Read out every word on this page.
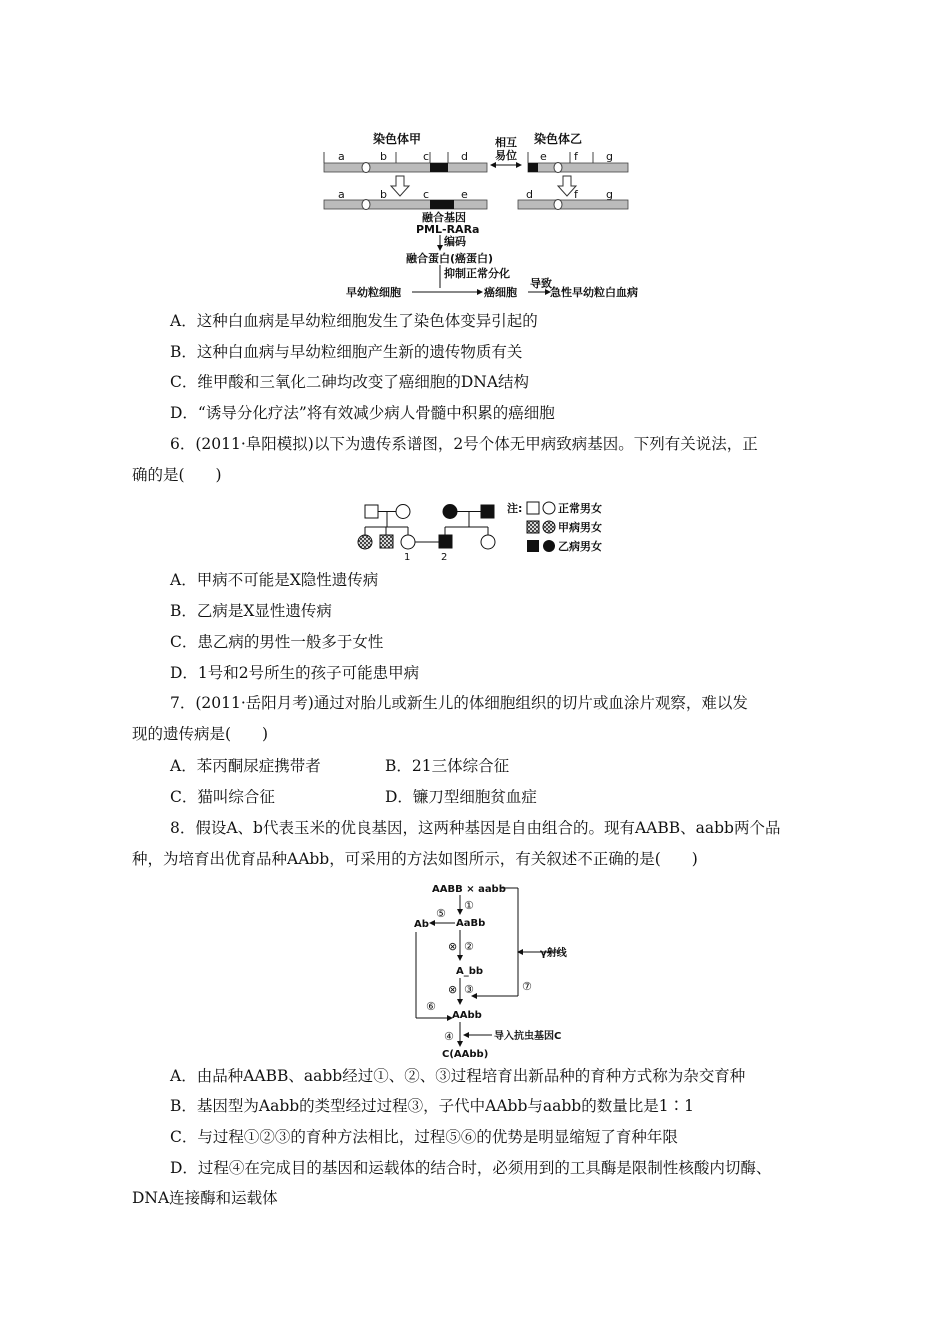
染色体甲	染色体乙
相互
易位
a	b	c	d	e f	g
a	b	c	e	d	f	g
融合基因
PML-RARa
编码
融合蛋白(癌蛋白)
抑制正常分化
早幼粒细胞	癌细胞
导致
急性早幼粒白血病
A．这种白血病是早幼粒细胞发生了染色体变异引起的
B．这种白血病与早幼粒细胞产生新的遗传物质有关
C．维甲酸和三氧化二砷均改变了癌细胞的DNA结构
D．“诱导分化疗法”将有效减少病人骨髓中积累的癌细胞
6．(2011·阜阳模拟)以下为遗传系谱图，2号个体无甲病致病基因。下列有关说法，正
确的是(　　)
1	2
注:	正常男女
甲病男女
乙病男女
A．甲病不可能是X隐性遗传病
B．乙病是X显性遗传病
C．患乙病的男性一般多于女性
D．1号和2号所生的孩子可能患甲病
7．(2011·岳阳月考)通过对胎儿或新生儿的体细胞组织的切片或血涂片观察，难以发
现的遗传病是(　　)
A．苯丙酮尿症携带者	B．21三体综合征
C．猫叫综合征	D．镰刀型细胞贫血症
8．假设A、b代表玉米的优良基因，这两种基因是自由组合的。现有AABB、aabb两个品
种，为培育出优育品种AAbb，可采用的方法如图所示，有关叙述不正确的是(　　)
AABB × aabb
①
AaBb
Ab
⑤
⑥
⊗ ②
γ射线
A_bb
⊗ ③	⑦
AAbb
④	导入抗虫基因C
C(AAbb)
A．由品种AABB、aabb经过①、②、③过程培育出新品种的育种方式称为杂交育种
B．基因型为Aabb的类型经过过程③，子代中AAbb与aabb的数量比是1∶1
C．与过程①②③的育种方法相比，过程⑤⑥的优势是明显缩短了育种年限
D．过程④在完成目的基因和运载体的结合时，必须用到的工具酶是限制性核酸内切酶、
DNA连接酶和运载体
